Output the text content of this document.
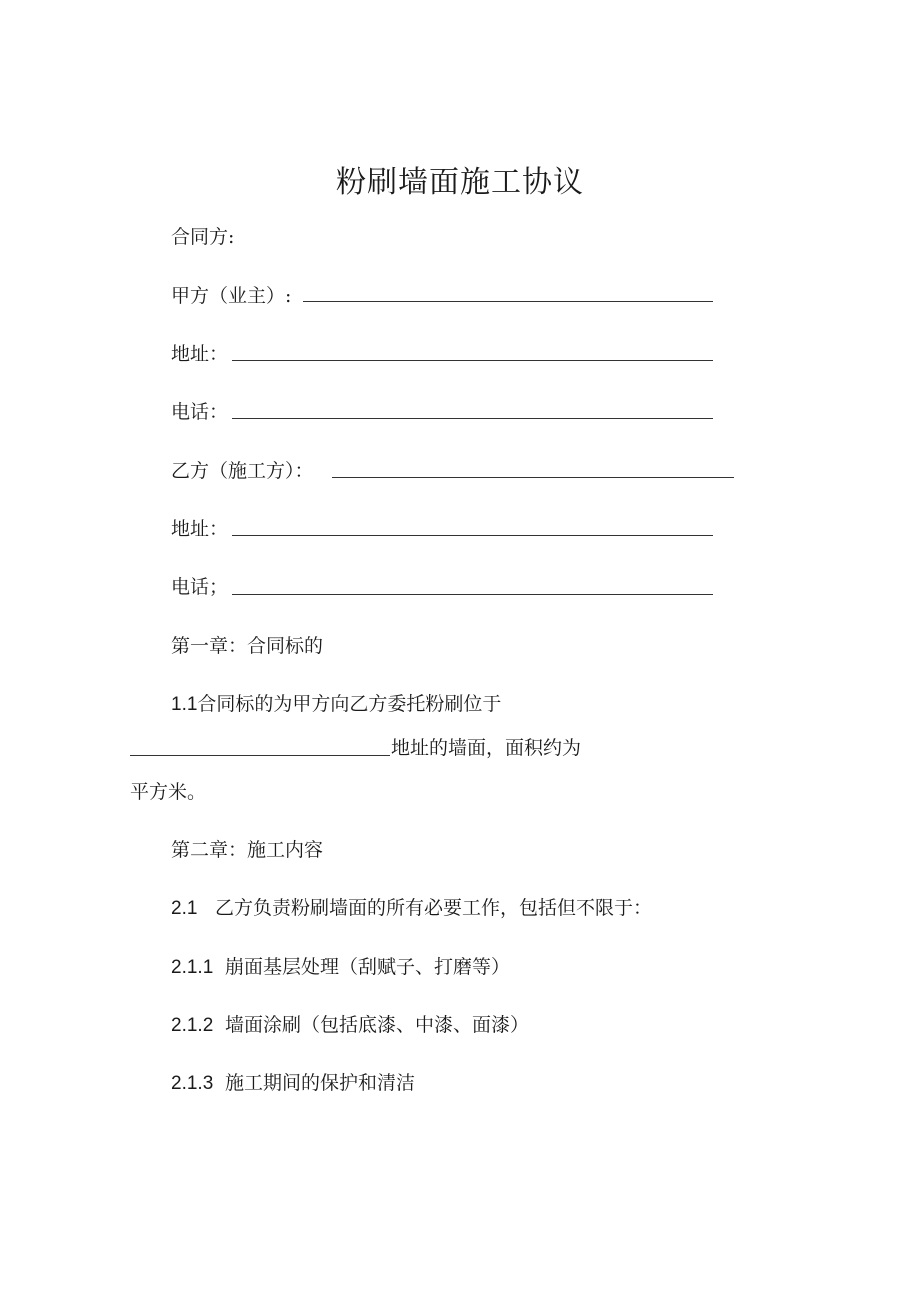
粉刷墙面施工协议
合同方:
甲方（业主）:
地址：
电话：
乙方（施工方）：
地址：
电话；
第一章：合同标的
1.1合同标的为甲方向乙方委托粉刷位于
地址的墙面，面积约为
平方米。
第二章：施工内容
2.1 乙方负责粉刷墙面的所有必要工作，包括但不限于：
2.1.1 崩面基层处理（刮赋子、打磨等）
2.1.2 墙面涂刷（包括底漆、中漆、面漆）
2.1.3 施工期间的保护和清洁
